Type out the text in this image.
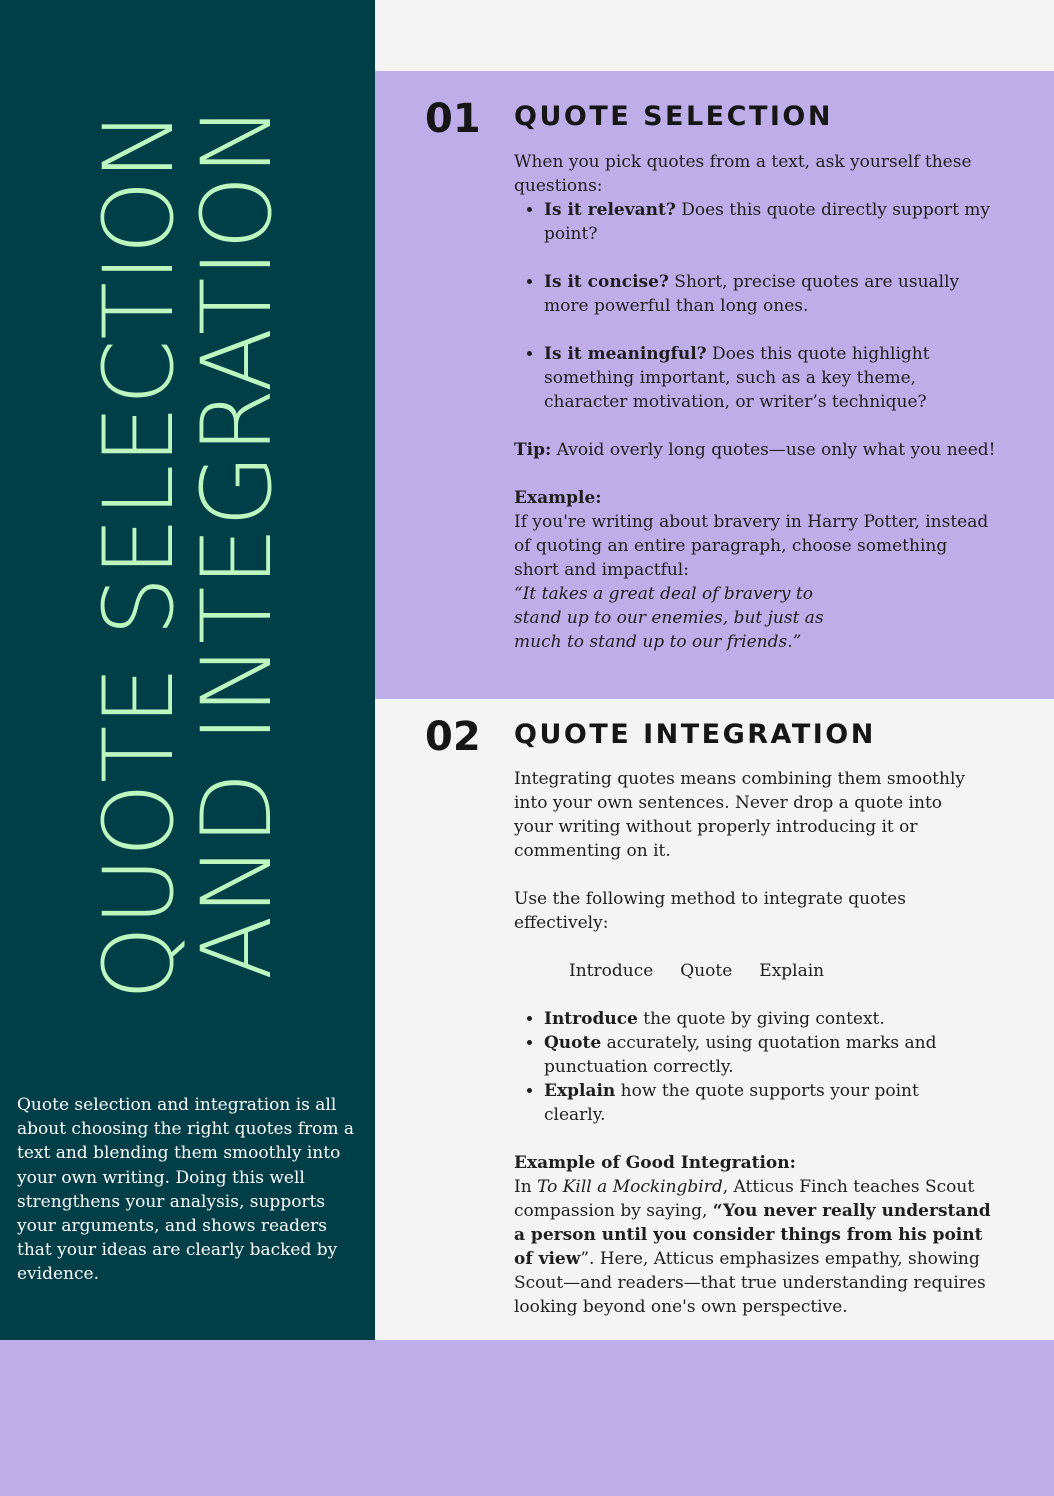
QUOTE SELECTION
AND INTEGRATION

Quote selection and integration is all about choosing the right quotes from a text and blending them smoothly into your own writing. Doing this well strengthens your analysis, supports your arguments, and shows readers that your ideas are clearly backed by evidence.

01 QUOTE SELECTION

When you pick quotes from a text, ask yourself these questions:

• Is it relevant? Does this quote directly support my point?
• Is it concise? Short, precise quotes are usually more powerful than long ones.
• Is it meaningful? Does this quote highlight something important, such as a key theme, character motivation, or writer’s technique?

Tip: Avoid overly long quotes—use only what you need!

Example:

If you're writing about bravery in Harry Potter, instead of quoting an entire paragraph, choose something short and impactful:

“It takes a great deal of bravery to stand up to our enemies, but just as much to stand up to our friends.”

02 QUOTE INTEGRATION

Integrating quotes means combining them smoothly into your own sentences. Never drop a quote into your writing without properly introducing it or commenting on it.

Use the following method to integrate quotes effectively:

Introduce Quote Explain
• Introduce the quote by giving context.
• Quote accurately, using quotation marks and punctuation correctly.
• Explain how the quote supports your point clearly.

Example of Good Integration:

In To Kill a Mockingbird, Atticus Finch teaches Scout compassion by saying, “You never really understand a person until you consider things from his point of view”. Here, Atticus emphasizes empathy, showing Scout—and readers—that true understanding requires looking beyond one's own perspective.
